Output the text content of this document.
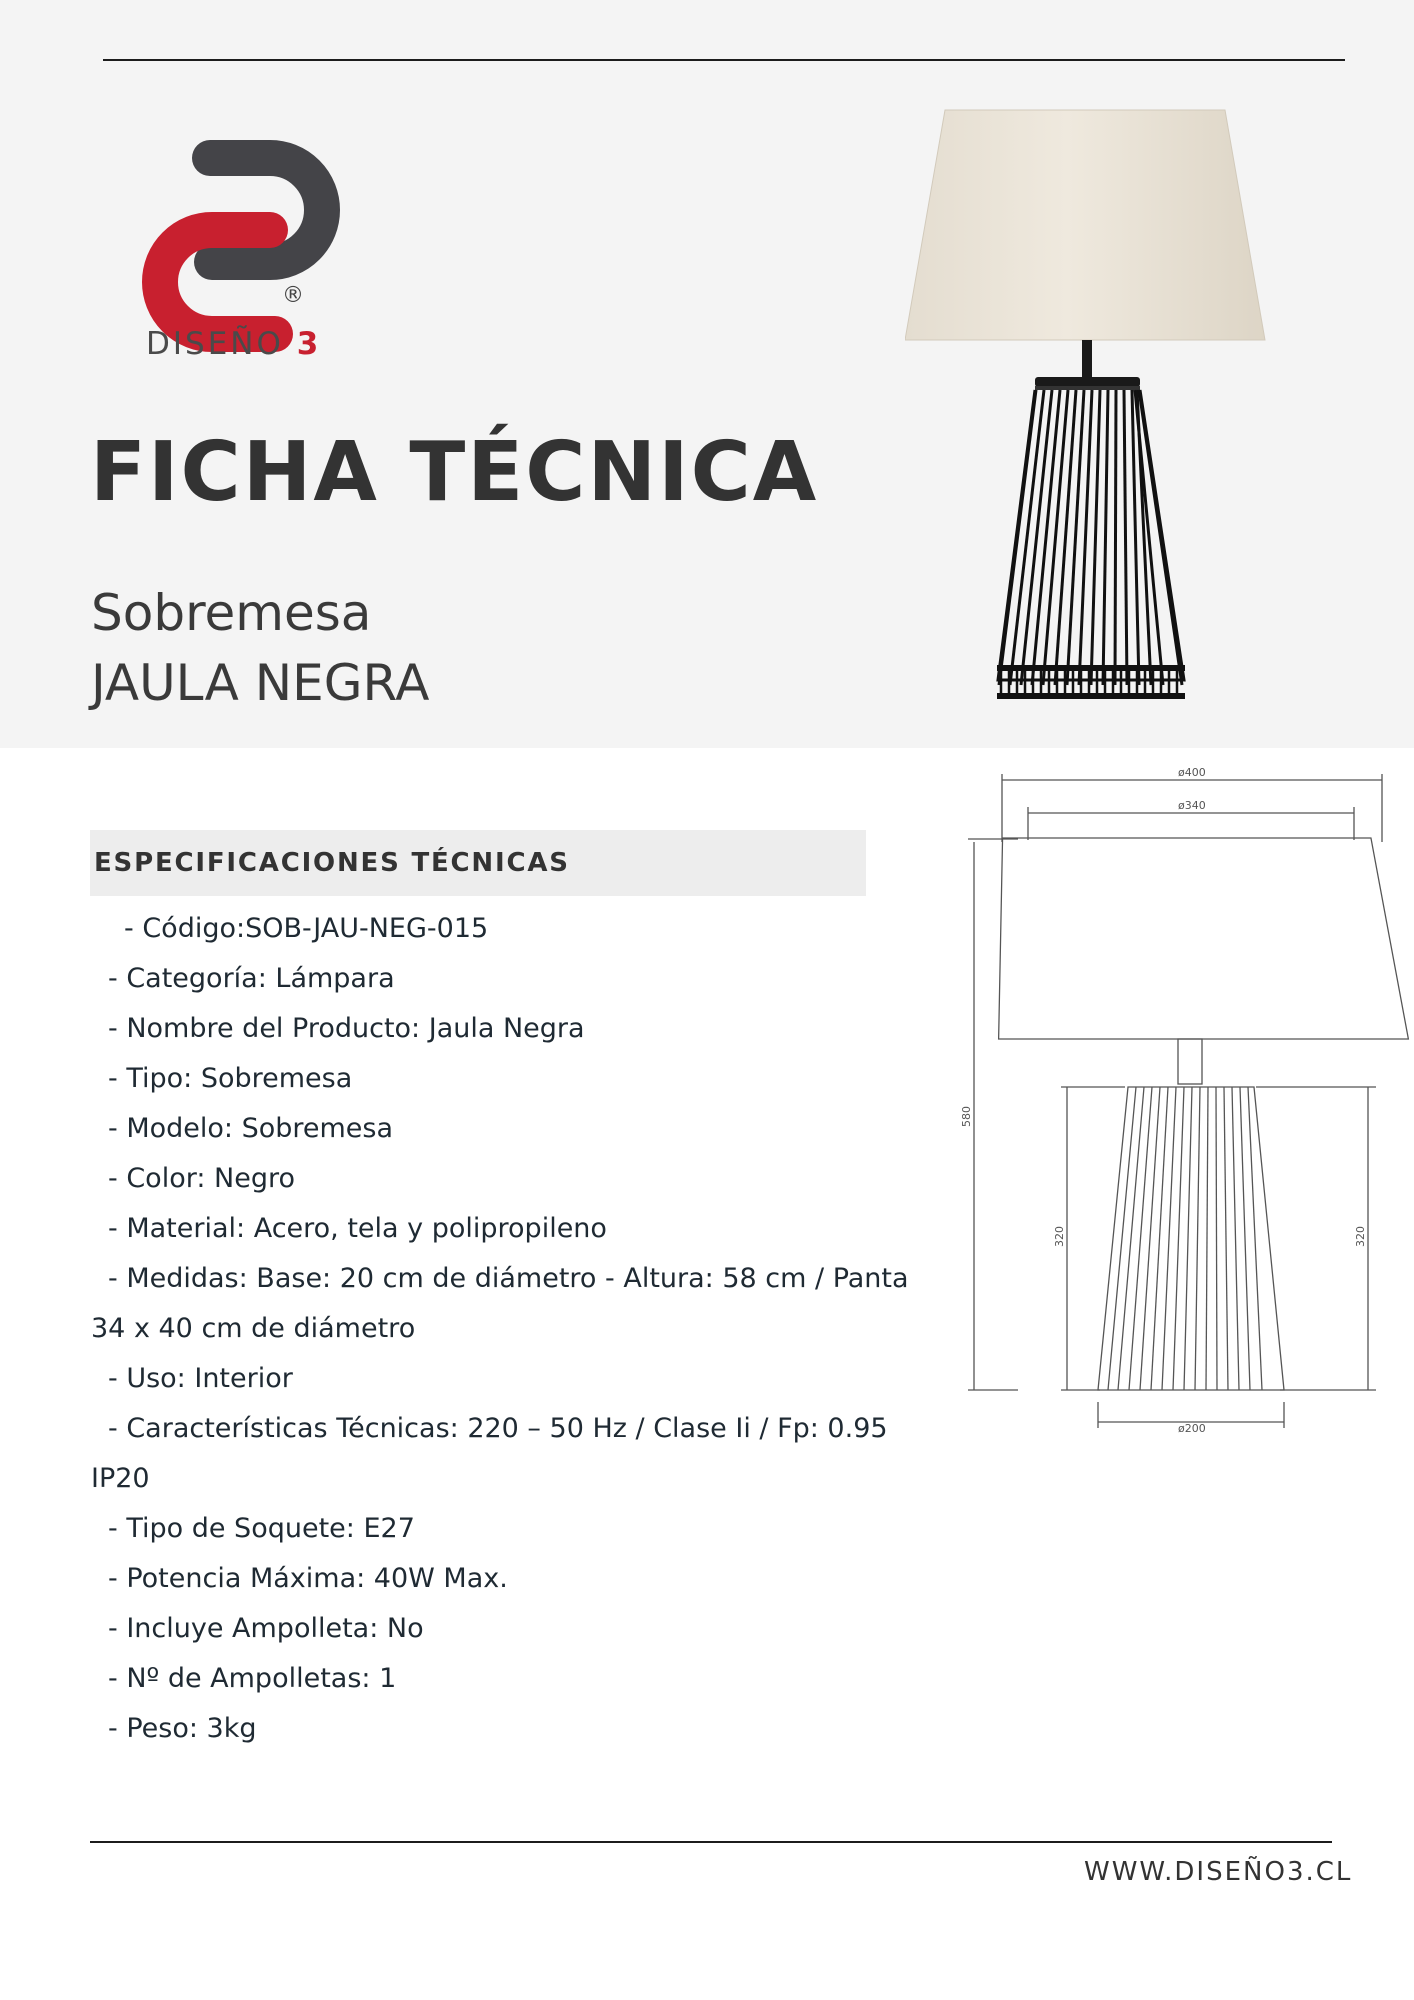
®
DISEÑO 3
FICHA TÉCNICA
Sobremesa
JAULA NEGRA
ESPECIFICACIONES TÉCNICAS
- Código:SOB-JAU-NEG-015
- Categoría: Lámpara
- Nombre del Producto: Jaula Negra
- Tipo: Sobremesa
- Modelo: Sobremesa
- Color: Negro
- Material: Acero, tela y polipropileno
- Medidas: Base: 20 cm de diámetro - Altura: 58 cm / Panta
34 x 40 cm de diámetro
- Uso: Interior
- Características Técnicas: 220 – 50 Hz / Clase Ii / Fp: 0.95
IP20
- Tipo de Soquete: E27
- Potencia Máxima: 40W Max.
- Incluye Ampolleta: No
- Nº de Ampolletas: 1
- Peso: 3kg
ø400
ø340
580
320	320
ø200
WWW.DISEÑO3.CL
